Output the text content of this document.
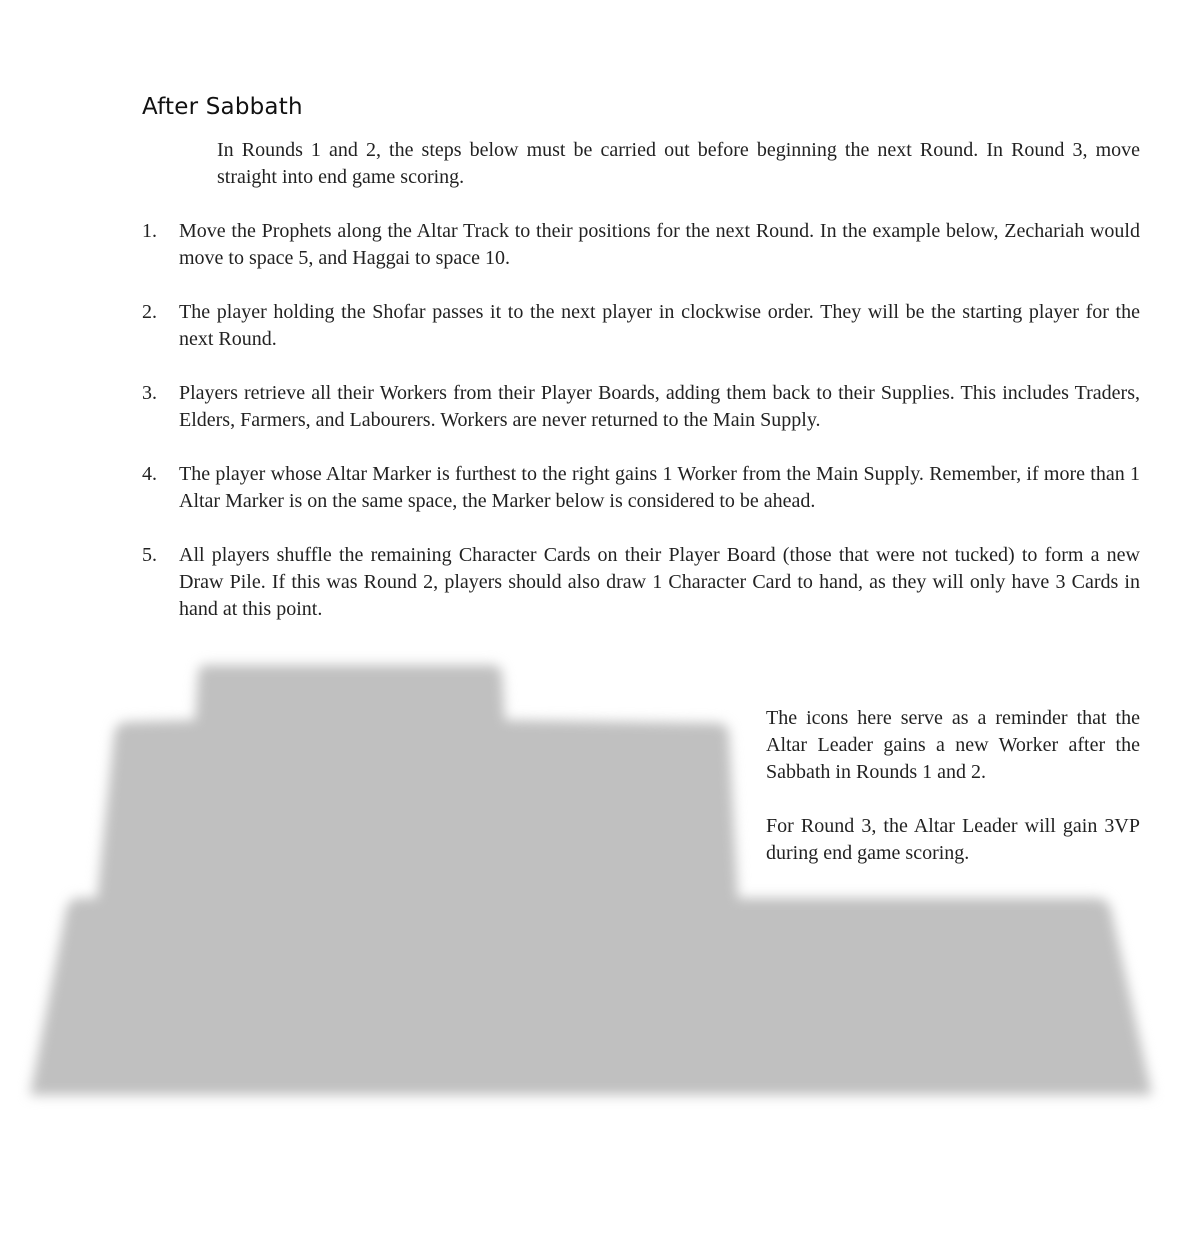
After Sabbath

In Rounds 1 and 2, the steps below must be carried out before beginning the next Round. In Round 3, move straight into end game scoring.

1. Move the Prophets along the Altar Track to their positions for the next Round. In the example below, Zechariah would move to space 5, and Haggai to space 10.
2. The player holding the Shofar passes it to the next player in clockwise order. They will be the starting player for the next Round.
3. Players retrieve all their Workers from their Player Boards, adding them back to their Supplies. This includes Traders, Elders, Farmers, and Labourers. Workers are never returned to the Main Supply.
4. The player whose Altar Marker is furthest to the right gains 1 Worker from the Main Supply. Remember, if more than 1 Altar Marker is on the same space, the Marker below is considered to be ahead.
5. All players shuffle the remaining Character Cards on their Player Board (those that were not tucked) to form a new Draw Pile. If this was Round 2, players should also draw 1 Character Card to hand, as they will only have 3 Cards in hand at this point.

The icons here serve as a reminder that the Altar Leader gains a new Worker after the Sabbath in Rounds 1 and 2.

For Round 3, the Altar Leader will gain 3VP during end game scoring.
